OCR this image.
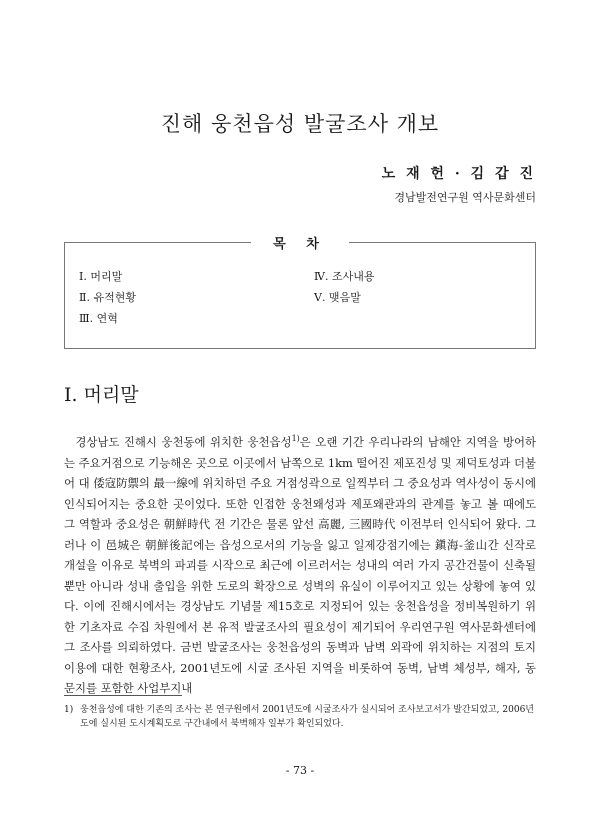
진해 웅천읍성 발굴조사 개보
노 재 헌 · 김 갑 진
경남발전연구원 역사문화센터
목 차
Ⅰ. 머리말
Ⅱ. 유적현황
Ⅲ. 연혁
Ⅳ. 조사내용
Ⅴ. 맺음말
Ⅰ. 머리말

경상남도 진해시 웅천동에 위치한 웅천읍성$^{1)}$은 오랜 기간 우리나라의 남해안 지역을 방어하는 주요거점으로 기능해온 곳으로 이곳에서 남쪽으로 1km 떨어진 제포진성 및 제덕토성과 더불어 대 倭寇防禦의 最一線에 위치하던 주요 거점성곽으로 일찍부터 그 중요성과 역사성이 동시에 인식되어지는 중요한 곳이었다. 또한 인접한 웅천왜성과 제포왜관과의 관계를 놓고 볼 때에도 그 역할과 중요성은 朝鮮時代 전 기간은 물론 앞선 高麗, 三國時代 이전부터 인식되어 왔다. 그러나 이 邑城은 朝鮮後記에는 읍성으로서의 기능을 잃고 일제강점기에는 鎭海-釜山간 신작로 개설을 이유로 북벽의 파괴를 시작으로 최근에 이르러서는 성내의 여러 가지 공간건물이 신축될 뿐만 아니라 성내 출입을 위한 도로의 확장으로 성벽의 유실이 이루어지고 있는 상황에 놓여 있다. 이에 진해시에서는 경상남도 기념물 제15호로 지정되어 있는 웅천읍성을 정비복원하기 위한 기초자료 수집 차원에서 본 유적 발굴조사의 필요성이 제기되어 우리연구원 역사문화센터에 그 조사를 의뢰하였다. 금번 발굴조사는 웅천읍성의 동벽과 남벽 외곽에 위치하는 지점의 토지이용에 대한 현황조사, 2001년도에 시굴 조사된 지역을 비롯하여 동벽, 남벽 체성부, 해자, 동문지를 포함한 사업부지내

1) 웅천읍성에 대한 기존의 조사는 본 연구원에서 2001년도에 시굴조사가 실시되어 조사보고서가 발간되었고, 2006년도에 실시된 도시계획도로 구간내에서 북벽해자 일부가 확인되었다.
- 73 -
